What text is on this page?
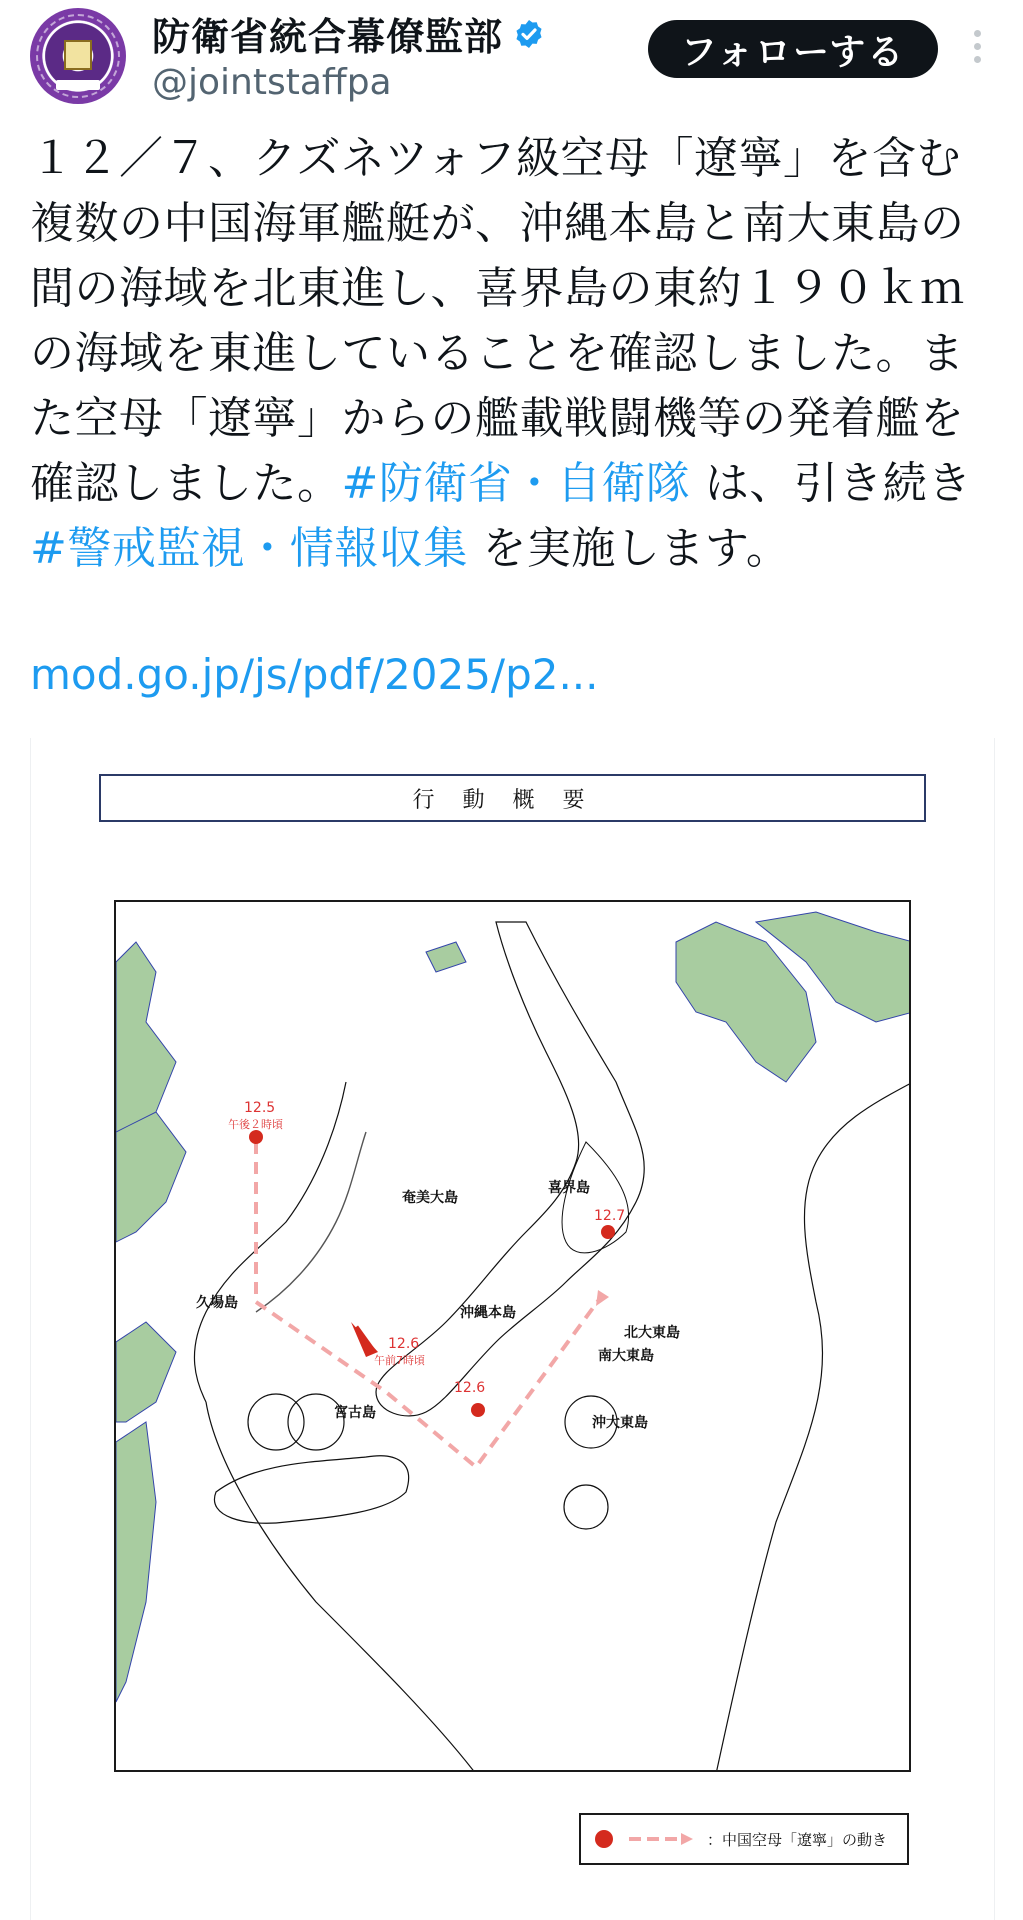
防衛省統合幕僚監部
@jointstaffpa
フォローする
１２／７、クズネツォフ級空母「遼寧」を含む複数の中国海軍艦艇が、沖縄本島と南大東島の間の海域を北東進し、喜界島の東約１９０ｋｍの海域を東進していることを確認しました。また空母「遼寧」からの艦載戦闘機等の発着艦を確認しました。#防衛省・自衛隊 は、引き続き #警戒監視・情報収集 を実施します。
mod.go.jp/js/pdf/2025/p2...
行動概要
奄美大島
喜界島
沖縄本島
久場島
宮古島
北大東島
南大東島
沖大東島
12.5
午後２時頃
12.6
午前7時頃
12.6
12.7
：中国空母「遼寧」の動き
